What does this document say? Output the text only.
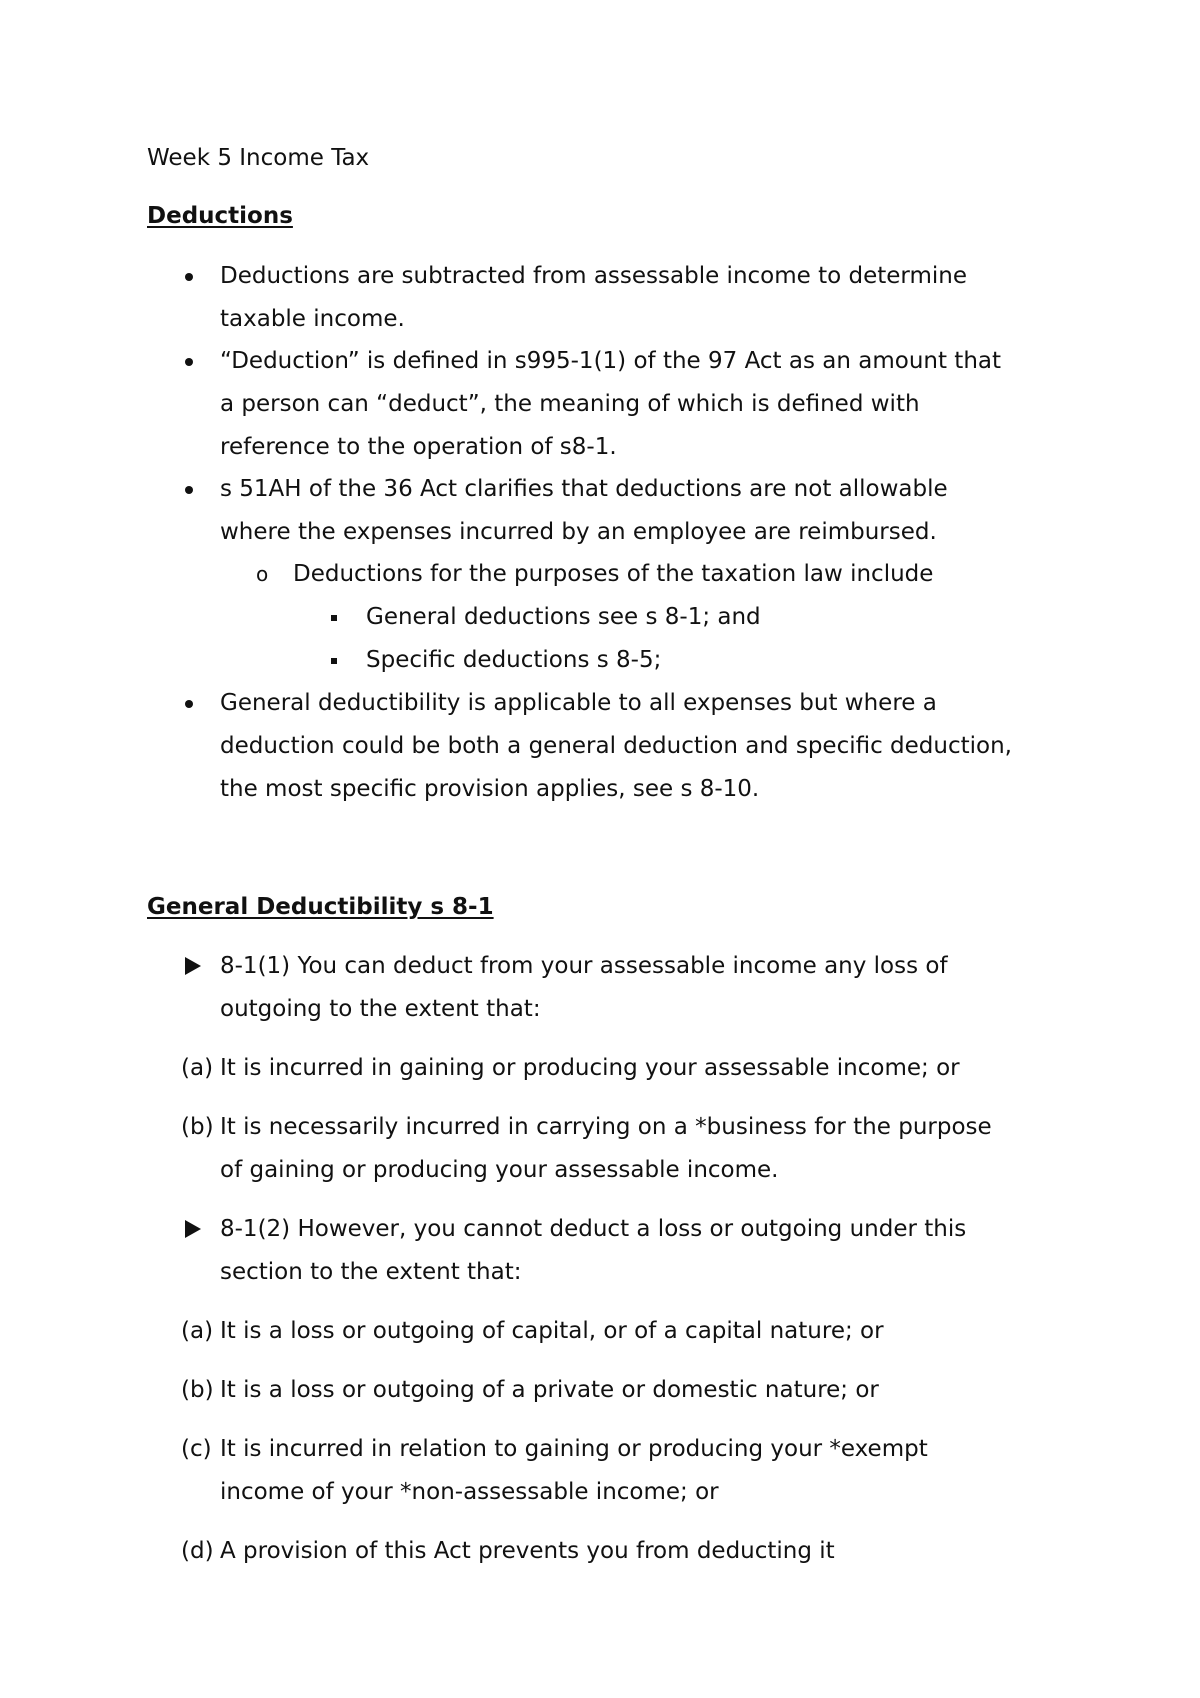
Week 5 Income Tax
Deductions
Deductions are subtracted from assessable income to determine
taxable income.
“Deduction” is defined in s995-1(1) of the 97 Act as an amount that
a person can “deduct”, the meaning of which is defined with
reference to the operation of s8-1.
s 51AH of the 36 Act clarifies that deductions are not allowable
where the expenses incurred by an employee are reimbursed.
o Deductions for the purposes of the taxation law include
General deductions see s 8-1; and
Specific deductions s 8-5;
General deductibility is applicable to all expenses but where a
deduction could be both a general deduction and specific deduction,
the most specific provision applies, see s 8-10.
General Deductibility s 8-1
8-1(1) You can deduct from your assessable income any loss of
outgoing to the extent that:
(a) It is incurred in gaining or producing your assessable income; or
(b) It is necessarily incurred in carrying on a *business for the purpose
of gaining or producing your assessable income.
8-1(2) However, you cannot deduct a loss or outgoing under this
section to the extent that:
(a) It is a loss or outgoing of capital, or of a capital nature; or
(b) It is a loss or outgoing of a private or domestic nature; or
(c) It is incurred in relation to gaining or producing your *exempt
income of your *non-assessable income; or
(d) A provision of this Act prevents you from deducting it
